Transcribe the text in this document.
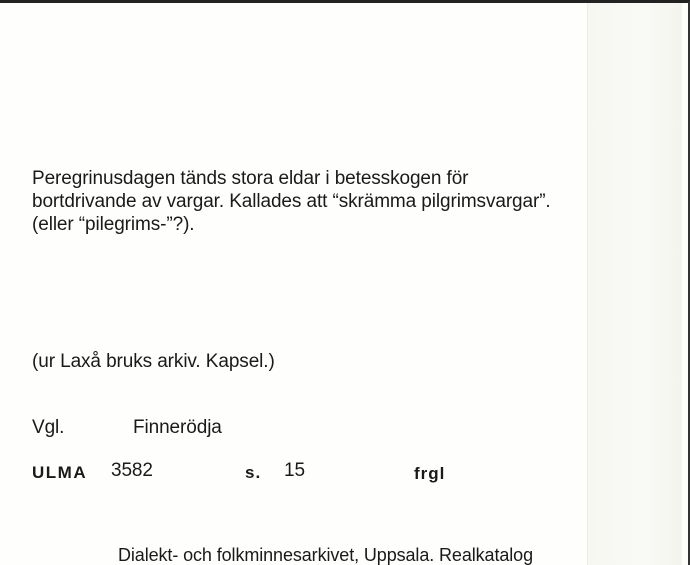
Peregrinusdagen tänds stora eldar i betesskogen för
bortdrivande av vargar. Kallades att “skrämma pilgrimsvargar”.
(eller “pilegrims-”?).
(ur Laxå bruks arkiv. Kapsel.)
Vgl.	Finnerödja
ULMA 3582	s. 15	frgl
Dialekt- och folkminnesarkivet, Uppsala. Realkatalog
